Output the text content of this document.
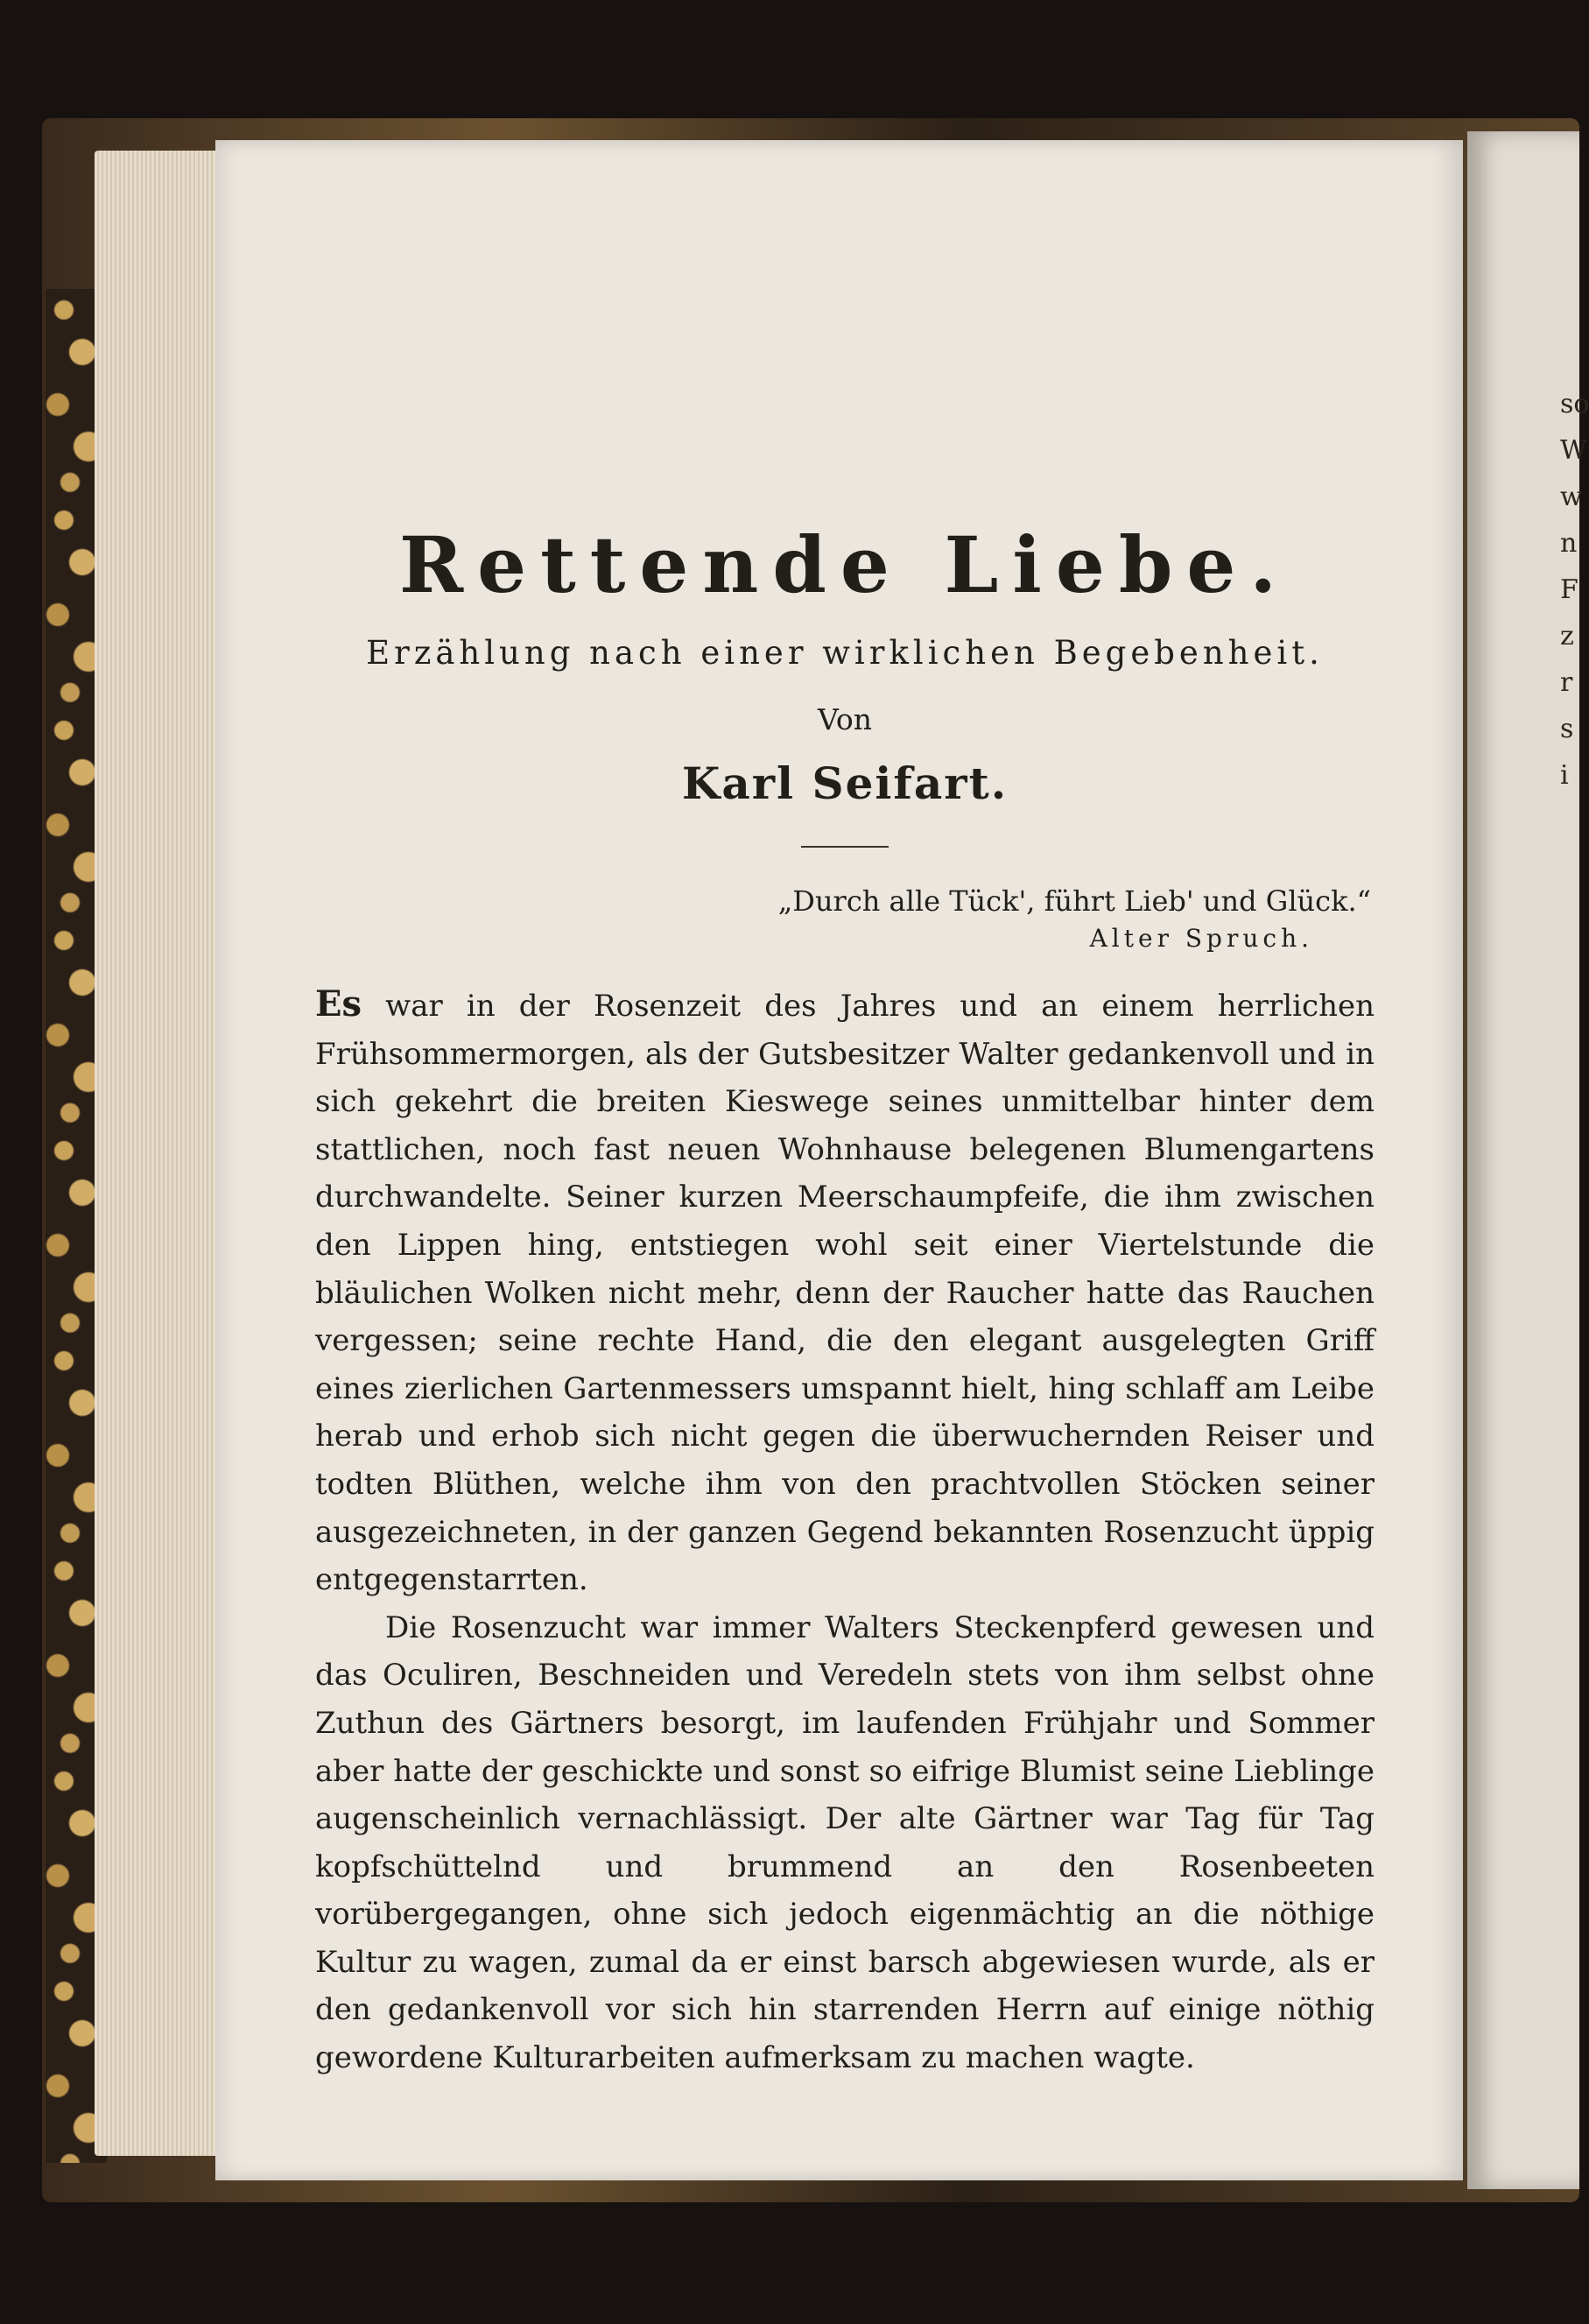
so
W
w
n
F
z
r
s
i
Rettende Liebe.
Erzählung nach einer wirklichen Begebenheit.
Von
Karl Seifart.
„Durch alle Tück', führt Lieb' und Glück.“
Alter Spruch.

Es war in der Rosenzeit des Jahres und an einem herrlichen Frühsommermorgen, als der Gutsbesitzer Walter gedankenvoll und in sich gekehrt die breiten Kieswege seines unmittelbar hinter dem stattlichen, noch fast neuen Wohnhause belegenen Blumengartens durchwandelte. Seiner kurzen Meerschaumpfeife, die ihm zwischen den Lippen hing, entstiegen wohl seit einer Viertelstunde die bläulichen Wolken nicht mehr, denn der Raucher hatte das Rauchen vergessen; seine rechte Hand, die den elegant ausgelegten Griff eines zierlichen Gartenmessers umspannt hielt, hing schlaff am Leibe herab und erhob sich nicht gegen die überwuchernden Reiser und todten Blüthen, welche ihm von den prachtvollen Stöcken seiner ausgezeichneten, in der ganzen Gegend bekannten Rosenzucht üppig entgegenstarrten.

Die Rosenzucht war immer Walters Steckenpferd gewesen und das Oculiren, Beschneiden und Veredeln stets von ihm selbst ohne Zuthun des Gärtners besorgt, im laufenden Frühjahr und Sommer aber hatte der geschickte und sonst so eifrige Blumist seine Lieblinge augenscheinlich vernachlässigt. Der alte Gärtner war Tag für Tag kopfschüttelnd und brummend an den Rosenbeeten vorübergegangen, ohne sich jedoch eigenmächtig an die nöthige Kultur zu wagen, zumal da er einst barsch abgewiesen wurde, als er den gedankenvoll vor sich hin starrenden Herrn auf einige nöthig gewordene Kulturarbeiten aufmerksam zu machen wagte.
